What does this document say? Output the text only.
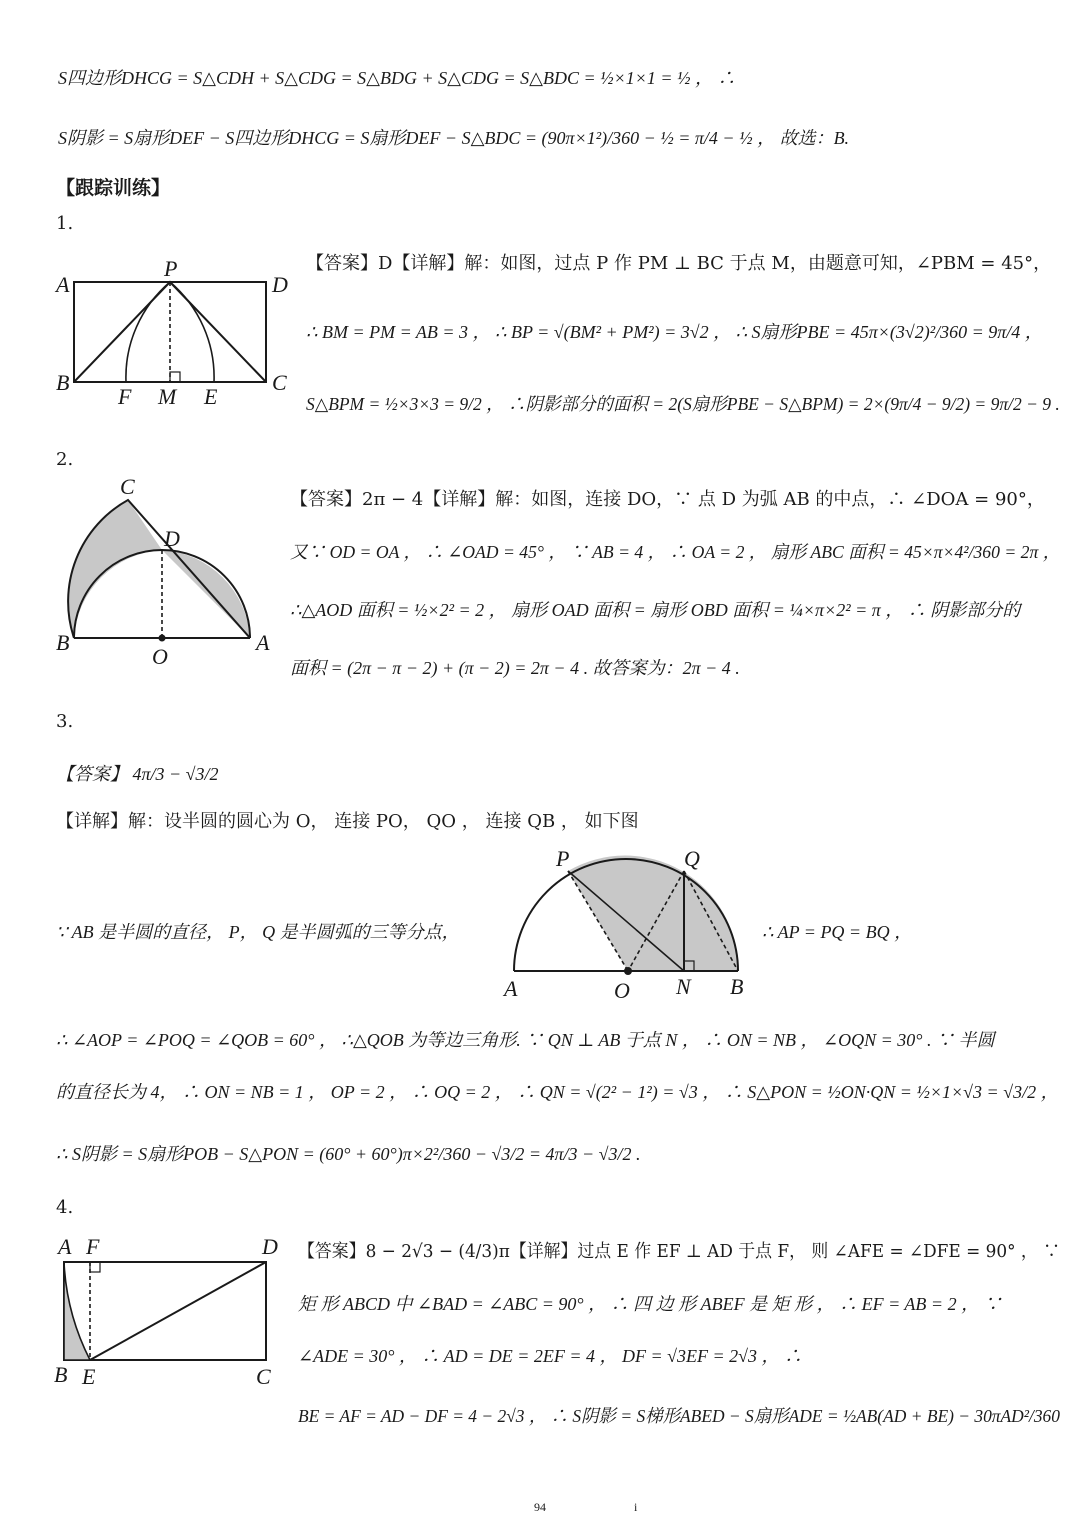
S四边形DHCG = S△CDH + S△CDG = S△BDG + S△CDG = S△BDC = ½×1×1 = ½ ， ∴
S阴影 = S扇形DEF − S四边形DHCG = S扇形DEF − S△BDC = (90π×1²)/360 − ½ = π/4 − ½ ， 故选：B.
【跟踪训练】
1.
A
P
D
B
F M E
C
【答案】D【详解】解：如图，过点 P 作 PM ⊥ BC 于点 M，由题意可知，∠PBM = 45°，
∴ BM = PM = AB = 3 ， ∴ BP = √(BM² + PM²) = 3√2 ， ∴ S扇形PBE = 45π×(3√2)²/360 = 9π/4 ，
S△BPM = ½×3×3 = 9/2 ， ∴阴影部分的面积 = 2(S扇形PBE − S△BPM) = 2×(9π/4 − 9/2) = 9π/2 − 9 .
2.
C
D
B
O
A
【答案】2π − 4【详解】解：如图，连接 DO，∵ 点 D 为弧 AB 的中点，∴ ∠DOA = 90°，
又∵ OD = OA ， ∴ ∠OAD = 45° ， ∵ AB = 4 ， ∴ OA = 2 ， 扇形 ABC 面积 = 45×π×4²/360 = 2π ，
∴△AOD 面积 = ½×2² = 2 ， 扇形 OAD 面积 = 扇形 OBD 面积 = ¼×π×2² = π ， ∴ 阴影部分的
面积 = (2π − π − 2) + (π − 2) = 2π − 4 . 故答案为：2π − 4 .
3.
【答案】 4π/3 − √3/2
【详解】解：设半圆的圆心为 O， 连接 PO， QO ， 连接 QB ， 如下图
P	Q
A	O N B
∵ AB 是半圆的直径， P， Q 是半圆弧的三等分点，	∴ AP = PQ = BQ ，
∴ ∠AOP = ∠POQ = ∠QOB = 60° ， ∴△QOB 为等边三角形. ∵ QN ⊥ AB 于点 N ， ∴ ON = NB ， ∠OQN = 30° . ∵ 半圆
的直径长为 4， ∴ ON = NB = 1 ， OP = 2 ， ∴ OQ = 2 ， ∴ QN = √(2² − 1²) = √3 ， ∴ S△PON = ½ON·QN = ½×1×√3 = √3/2 ，
∴ S阴影 = S扇形POB − S△PON = (60° + 60°)π×2²/360 − √3/2 = 4π/3 − √3/2 .
4.
A F	D
B E	C
【答案】8 − 2√3 − (4/3)π【详解】过点 E 作 EF ⊥ AD 于点 F， 则 ∠AFE = ∠DFE = 90° ， ∵
矩 形 ABCD 中 ∠BAD = ∠ABC = 90° ， ∴ 四 边 形 ABEF 是 矩 形 ， ∴ EF = AB = 2 ， ∵
∠ADE = 30° ， ∴ AD = DE = 2EF = 4 ， DF = √3EF = 2√3 ， ∴
BE = AF = AD − DF = 4 − 2√3 ， ∴ S阴影 = S梯形ABED − S扇形ADE = ½AB(AD + BE) − 30πAD²/360
94	i
